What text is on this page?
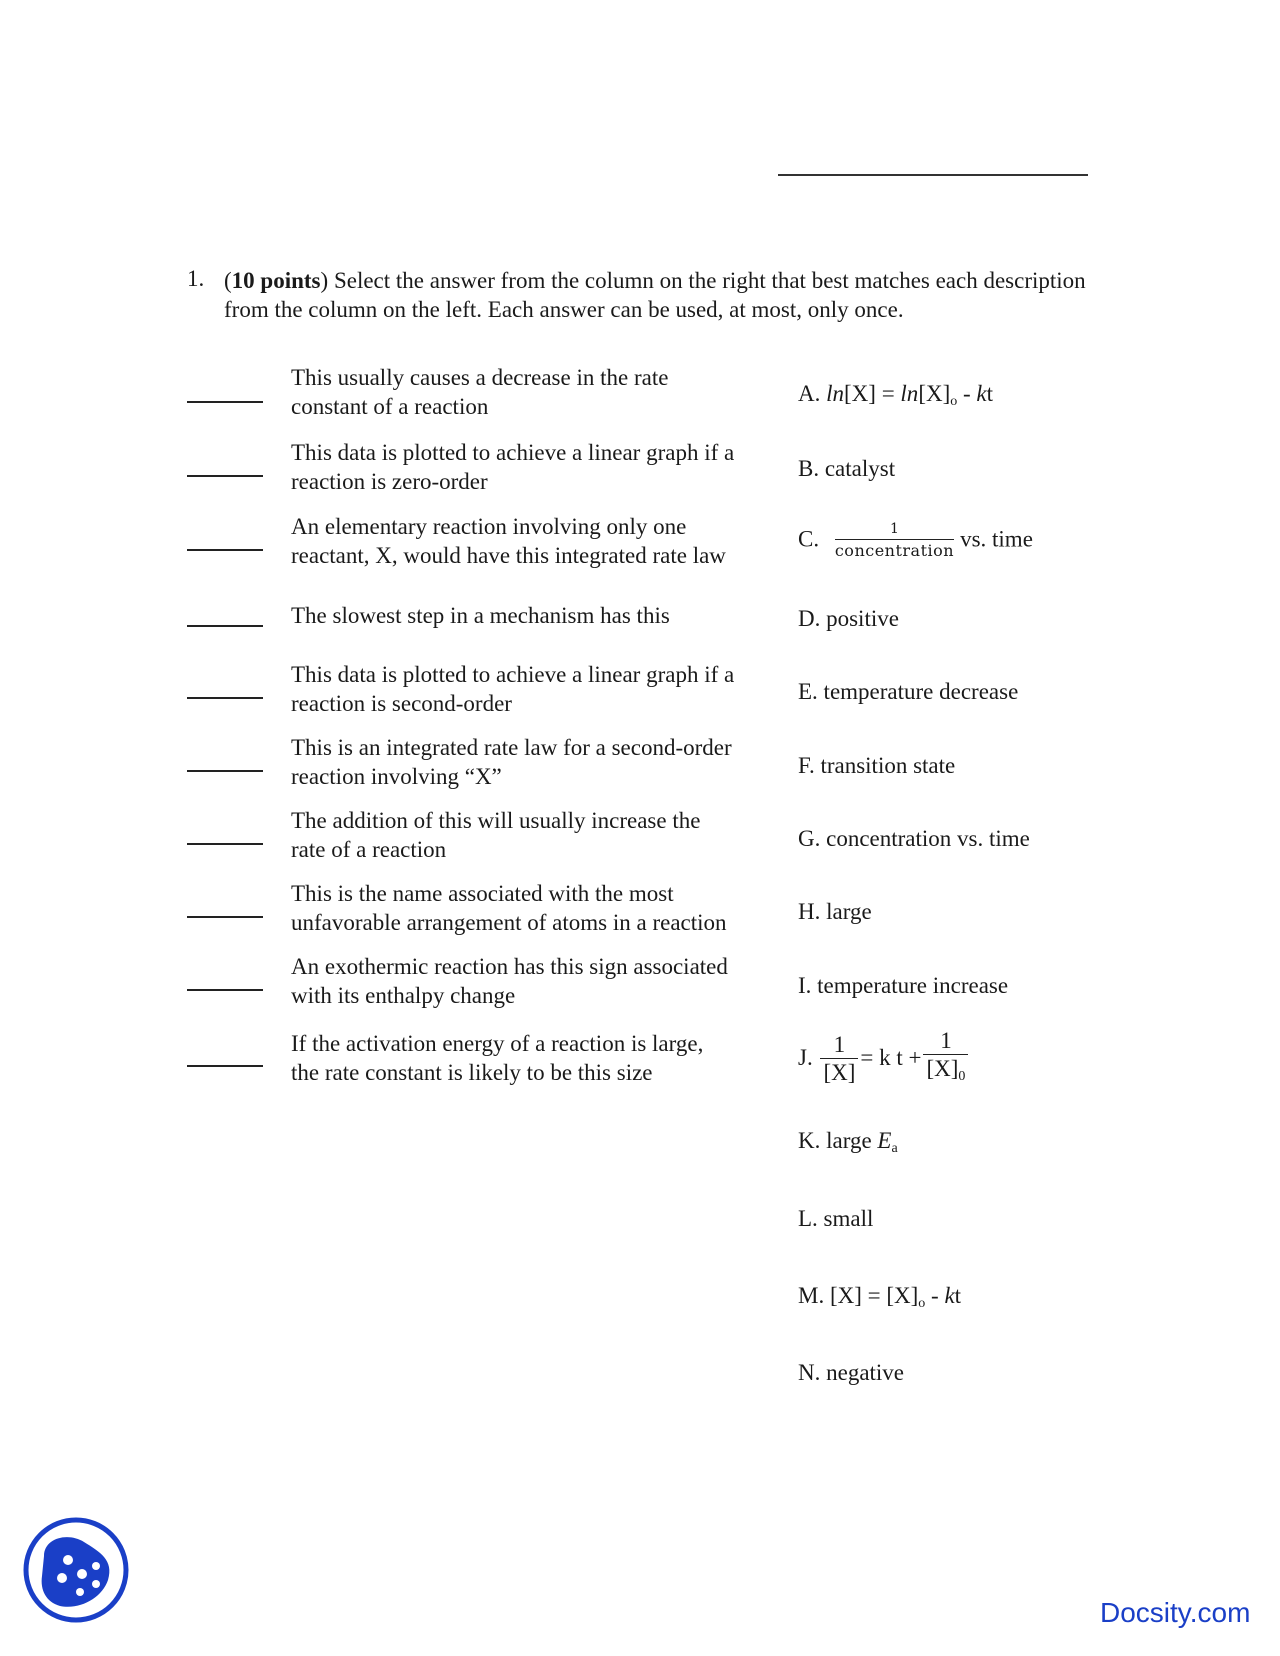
1. (10 points) Select the answer from the column on the right that best matches each description from the column on the left. Each answer can be used, at most, only once.
This usually causes a decrease in the rate
constant of a reaction
This data is plotted to achieve a linear graph if a
reaction is zero-order
An elementary reaction involving only one
reactant, X, would have this integrated rate law
The slowest step in a mechanism has this
This data is plotted to achieve a linear graph if a
reaction is second-order
This is an integrated rate law for a second-order
reaction involving “X”
The addition of this will usually increase the
rate of a reaction
This is the name associated with the most
unfavorable arrangement of atoms in a reaction
An exothermic reaction has this sign associated
with its enthalpy change
If the activation energy of a reaction is large,
the rate constant is likely to be this size
A. $\ln[X] = \ln[X]_o$ - kt
B. catalyst
C. $\frac{1}{\text{concentration}}$ vs. time
D. positive
E. temperature decrease
F. transition state
G. concentration vs. time
H. large
I. temperature increase
J. $\frac{1}{[X]} = k$ $t + \frac{1}{[X]_0}$
K. large $E_a$
L. small
M. $[X] = [X]_o$ - kt
N. negative
Docsity.com
